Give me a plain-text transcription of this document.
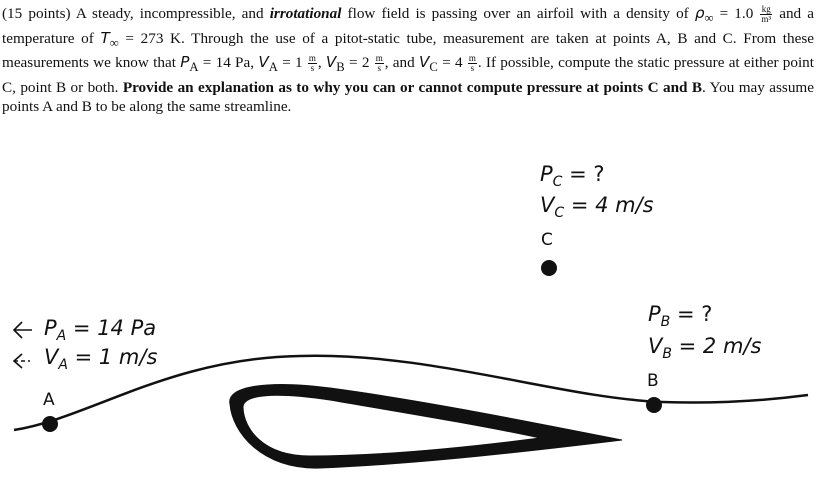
(15 points) A steady, incompressible, and irrotational flow field is passing over an airfoil with a density of $\rho_\infty = 1.0 \frac{kg}{\text{m³}}$ and a temperature of $T_\infty = 273$ K. Through the use of a pitot-static tube, measurement are taken at points A, B and C. From these measurements we know that $P_A = 14$ Pa, $V_A = 1 \frac{m}{s}$ , $V_B = 2 \frac{m}{s}$ , and $V_C = 4 \frac{m}{s}$ . If possible, compute the static pressure at either point C, point B or both. Provide an explanation as to why you can or cannot compute pressure at points C and B. You may assume points A and B to be along the same streamline.
$P_C$ = ?
$V_C = 4$ m/s
C
$P_A = 14$ Pa
$V_A = 1$ m/s
A
$P_B$ = ?
$V_B = 2$ m/s
B
